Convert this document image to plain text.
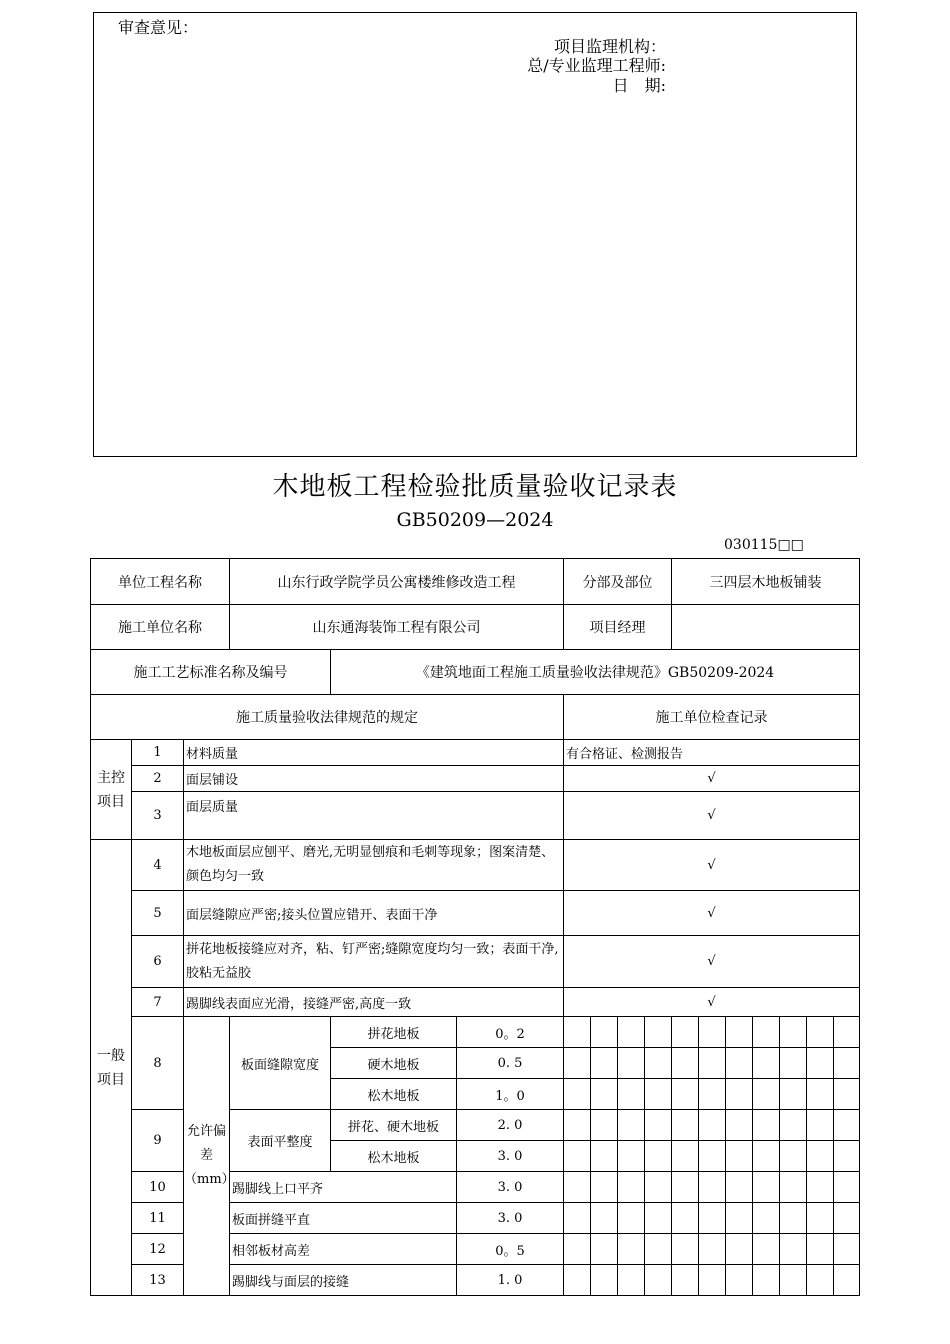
审查意见：
项目监理机构：
总/专业监理工程师:
日　期:
木地板工程检验批质量验收记录表
GB50209—2024
030115□□
单位工程名称			山东行政学院学员公寓楼维修改造工程			分部及部位				三四层木地板铺装						
施工单位名称			山东通海装饰工程有限公司			项目经理										
施工工艺标准名称及编号				《建筑地面工程施工质量验收法律规范》GB50209-2024												
施工质量验收法律规范的规定						施工单位检查记录										
主控项目	1	材料质量				有合格证、检测报告										
	2	面层铺设				√										
	3	面层质量				√										
一般项目	4	木地板面层应刨平、磨光,无明显刨痕和毛刺等现象；图案清楚、颜色均匀一致				√										
	5	面层缝隙应严密;接头位置应错开、表面干净				√										
	6	拼花地板接缝应对齐，粘、钉严密;缝隙宽度均匀一致；表面干净,胶粘无益胶				√										
	7	踢脚线表面应光滑，接缝严密,高度一致				√										
	8	允许偏差（mm）	板面缝隙宽度	拼花地板	0。2											
				硬木地板	0. 5											
				松木地板	1。0											
	9		表面平整度	拼花、硬木地板	2. 0											
				松木地板	3. 0											
	10		踢脚线上口平齐		3. 0											
	11		板面拼缝平直		3. 0											
	12		相邻板材高差		0。5											
	13		踢脚线与面层的接缝		1. 0											
